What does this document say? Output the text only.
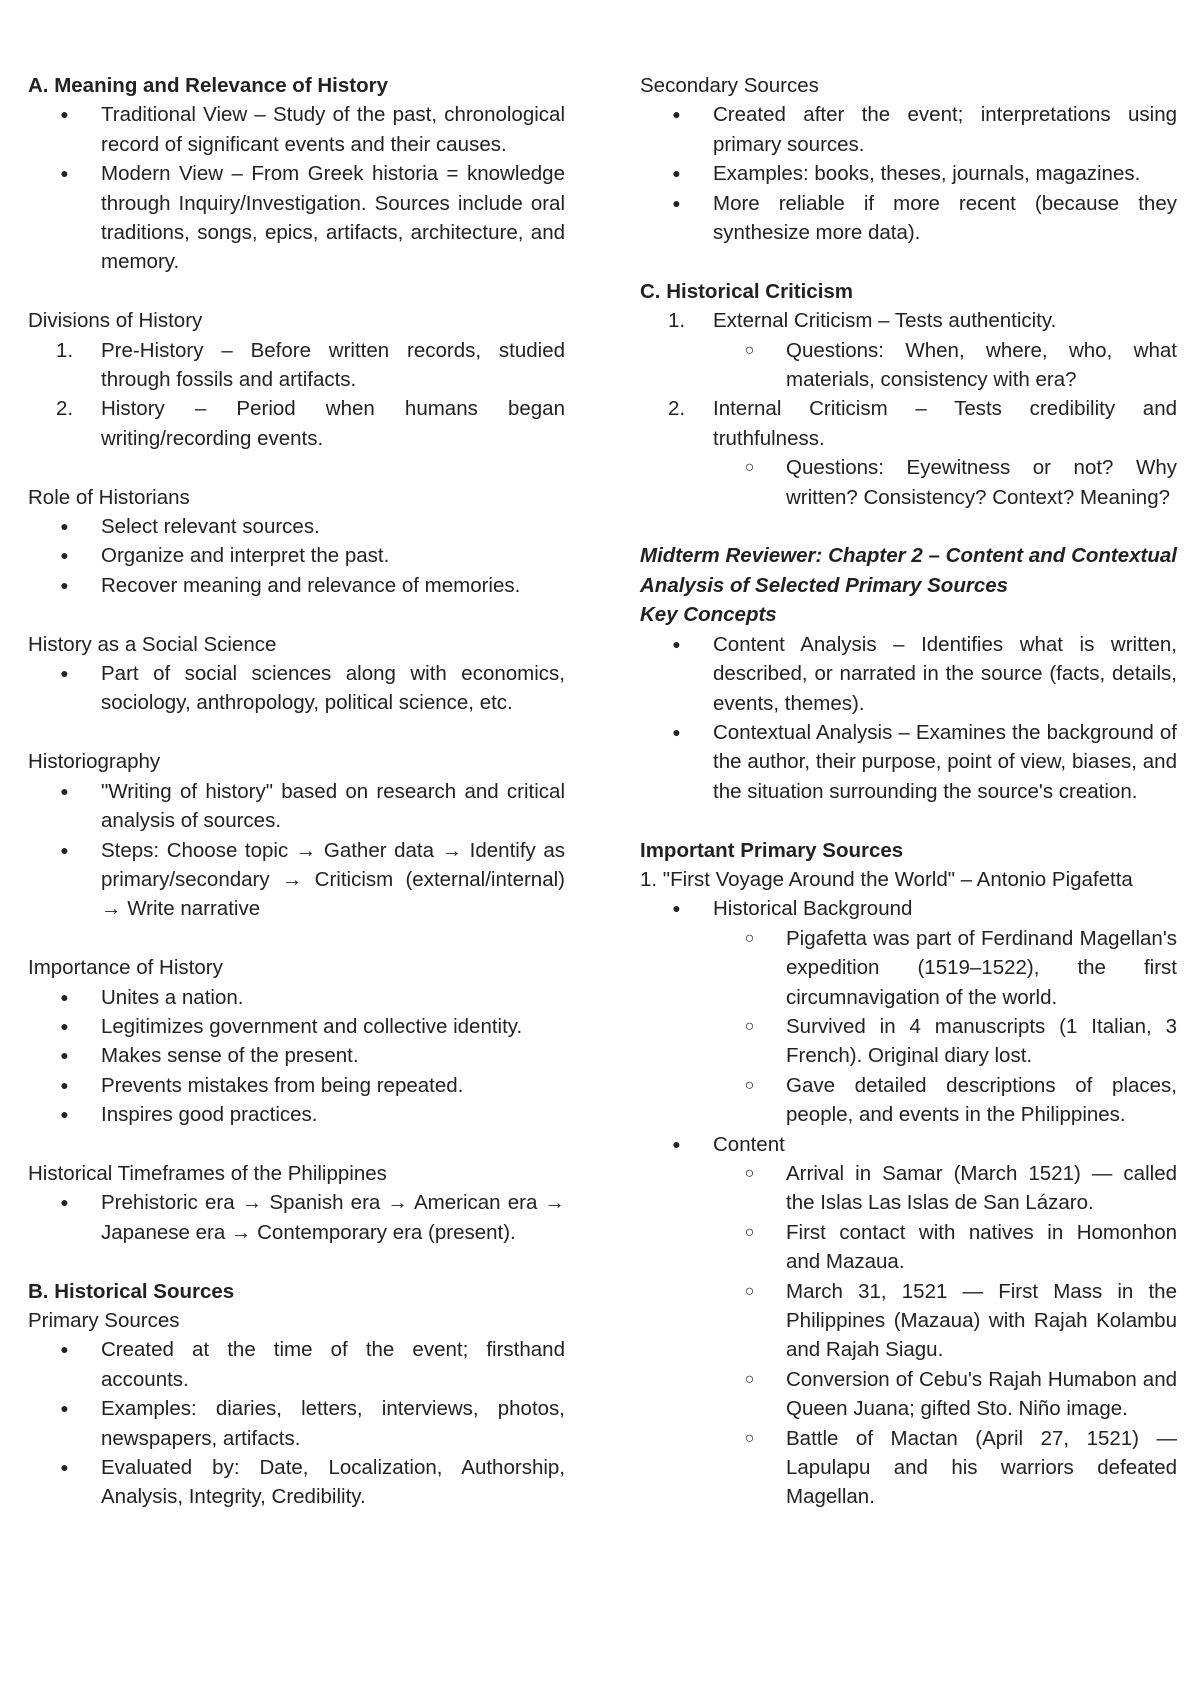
A. Meaning and Relevance of History

●	Traditional View – Study of the past, chronological record of significant events and their causes.
●	Modern View – From Greek historia = knowledge through Inquiry/Investigation. Sources include oral traditions, songs, epics, artifacts, architecture, and memory.

Divisions of History

1.	Pre-History – Before written records, studied through fossils and artifacts.
2.	History – Period when humans began writing/recording events.

Role of Historians

●	Select relevant sources.
●	Organize and interpret the past.
●	Recover meaning and relevance of memories.

History as a Social Science

●	Part of social sciences along with economics, sociology, anthropology, political science, etc.

Historiography

●	"Writing of history" based on research and critical analysis of sources.
●	Steps: Choose topic → Gather data → Identify as primary/secondary → Criticism (external/internal) → Write narrative

Importance of History

●	Unites a nation.
●	Legitimizes government and collective identity.
●	Makes sense of the present.
●	Prevents mistakes from being repeated.
●	Inspires good practices.

Historical Timeframes of the Philippines

●	Prehistoric era → Spanish era → American era → Japanese era → Contemporary era (present).

B. Historical Sources

Primary Sources

●	Created at the time of the event; firsthand accounts.
●	Examples: diaries, letters, interviews, photos, newspapers, artifacts.
●	Evaluated by: Date, Localization, Authorship, Analysis, Integrity, Credibility.

Secondary Sources

●	Created after the event; interpretations using primary sources.
●	Examples: books, theses, journals, magazines.
●	More reliable if more recent (because they synthesize more data).

C. Historical Criticism

1.	External Criticism – Tests authenticity.
○	Questions: When, where, who, what materials, consistency with era?
2.	Internal Criticism – Tests credibility and truthfulness.
○	Questions: Eyewitness or not? Why written? Consistency? Context? Meaning?

Midterm Reviewer: Chapter 2 – Content and Contextual Analysis of Selected Primary Sources

Key Concepts

●	Content Analysis – Identifies what is written, described, or narrated in the source (facts, details, events, themes).
●	Contextual Analysis – Examines the background of the author, their purpose, point of view, biases, and the situation surrounding the source's creation.

Important Primary Sources

1. "First Voyage Around the World" – Antonio Pigafetta

●	Historical Background
○	Pigafetta was part of Ferdinand Magellan's expedition (1519–1522), the first circumnavigation of the world.
○	Survived in 4 manuscripts (1 Italian, 3 French). Original diary lost.
○	Gave detailed descriptions of places, people, and events in the Philippines.
●	Content
○	Arrival in Samar (March 1521) — called the Islas Las Islas de San Lázaro.
○	First contact with natives in Homonhon and Mazaua.
○	March 31, 1521 — First Mass in the Philippines (Mazaua) with Rajah Kolambu and Rajah Siagu.
○	Conversion of Cebu's Rajah Humabon and Queen Juana; gifted Sto. Niño image.
○	Battle of Mactan (April 27, 1521) — Lapulapu and his warriors defeated Magellan.
